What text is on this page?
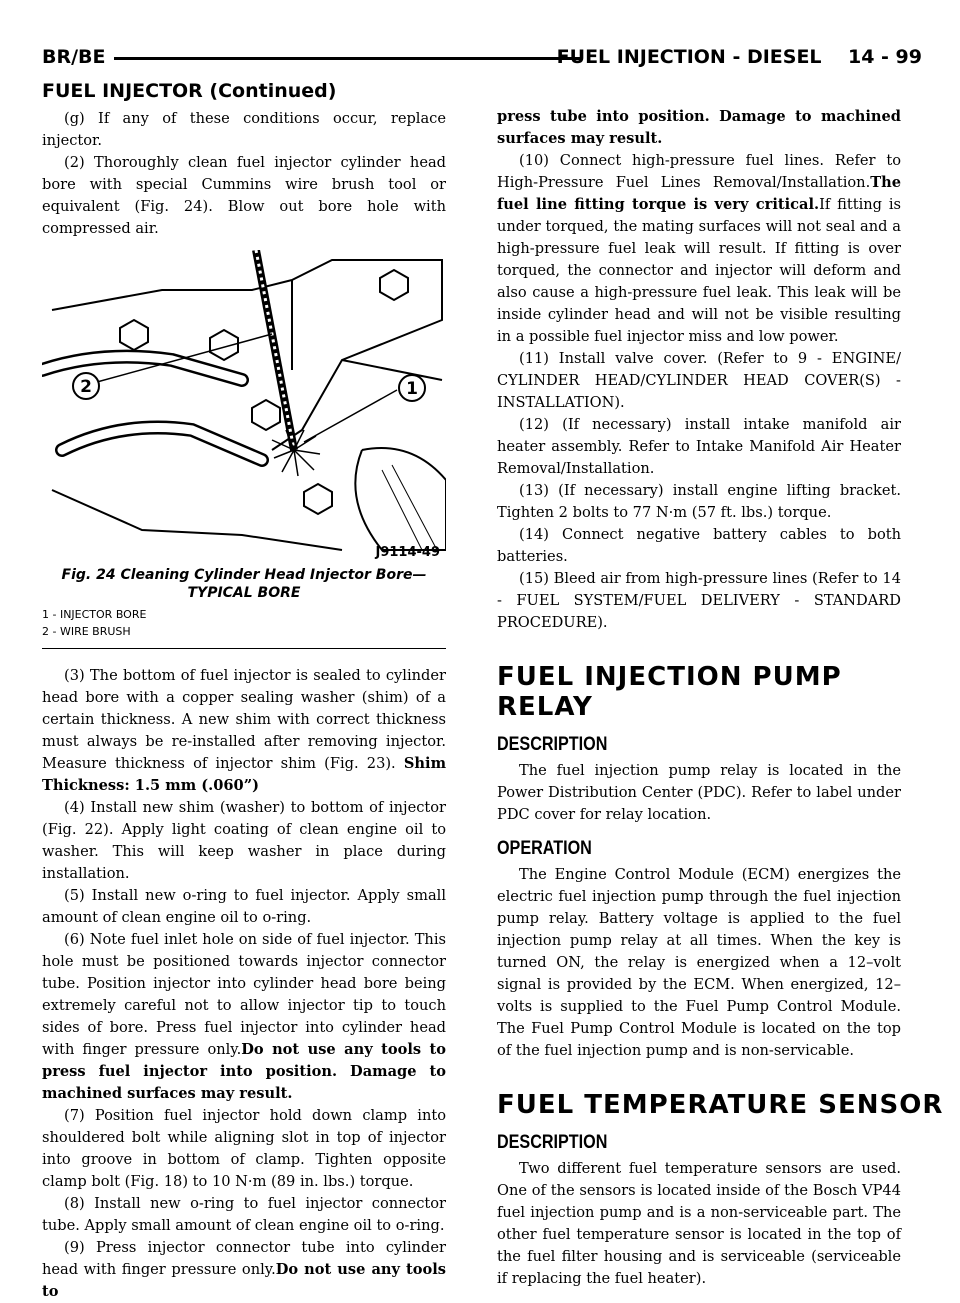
BR/BE	FUEL INJECTION - DIESEL    14 - 99
FUEL INJECTOR (Continued)

(g) If any of these conditions occur, replace injector.

(2) Thoroughly clean fuel injector cylinder head bore with special Cummins wire brush tool or equivalent (Fig. 24). Blow out bore hole with compressed air.

2	1
J9114-49
Fig. 24 Cleaning Cylinder Head Injector Bore— TYPICAL BORE
1 - INJECTOR BORE
2 - WIRE BRUSH

(3) The bottom of fuel injector is sealed to cylinder head bore with a copper sealing washer (shim) of a certain thickness. A new shim with correct thickness must always be re-installed after removing injector. Measure thickness of injector shim (Fig. 23). Shim Thickness: 1.5 mm (.060”)

(4) Install new shim (washer) to bottom of injector (Fig. 22). Apply light coating of clean engine oil to washer. This will keep washer in place during installation.

(5) Install new o-ring to fuel injector. Apply small amount of clean engine oil to o-ring.

(6) Note fuel inlet hole on side of fuel injector. This hole must be positioned towards injector connector tube. Position injector into cylinder head bore being extremely careful not to allow injector tip to touch sides of bore. Press fuel injector into cylinder head with finger pressure only.Do not use any tools to press fuel injector into position. Damage to machined surfaces may result.

(7) Position fuel injector hold down clamp into shouldered bolt while aligning slot in top of injector into groove in bottom of clamp. Tighten opposite clamp bolt (Fig. 18) to 10 N·m (89 in. lbs.) torque.

(8) Install new o-ring to fuel injector connector tube. Apply small amount of clean engine oil to o-ring.

(9) Press injector connector tube into cylinder head with finger pressure only.Do not use any tools to

press tube into position. Damage to machined surfaces may result.

(10) Connect high-pressure fuel lines. Refer to High-Pressure Fuel Lines Removal/Installation.The fuel line fitting torque is very critical.If fitting is under torqued, the mating surfaces will not seal and a high-pressure fuel leak will result. If fitting is over torqued, the connector and injector will deform and also cause a high-pressure fuel leak. This leak will be inside cylinder head and will not be visible resulting in a possible fuel injector miss and low power.

(11) Install valve cover. (Refer to 9 - ENGINE/ CYLINDER HEAD/CYLINDER HEAD COVER(S) - INSTALLATION).

(12) (If necessary) install intake manifold air heater assembly. Refer to Intake Manifold Air Heater Removal/Installation.

(13) (If necessary) install engine lifting bracket. Tighten 2 bolts to 77 N·m (57 ft. lbs.) torque.

(14) Connect negative battery cables to both batteries.

(15) Bleed air from high-pressure lines (Refer to 14 - FUEL SYSTEM/FUEL DELIVERY - STANDARD PROCEDURE).

FUEL INJECTION PUMP RELAY
DESCRIPTION

The fuel injection pump relay is located in the Power Distribution Center (PDC). Refer to label under PDC cover for relay location.

OPERATION

The Engine Control Module (ECM) energizes the electric fuel injection pump through the fuel injection pump relay. Battery voltage is applied to the fuel injection pump relay at all times. When the key is turned ON, the relay is energized when a 12–volt signal is provided by the ECM. When energized, 12–volts is supplied to the Fuel Pump Control Module. The Fuel Pump Control Module is located on the top of the fuel injection pump and is non-servicable.

FUEL TEMPERATURE SENSOR
DESCRIPTION

Two different fuel temperature sensors are used. One of the sensors is located inside of the Bosch VP44 fuel injection pump and is a non-serviceable part. The other fuel temperature sensor is located in the top of the fuel filter housing and is serviceable (serviceable if replacing the fuel heater).
